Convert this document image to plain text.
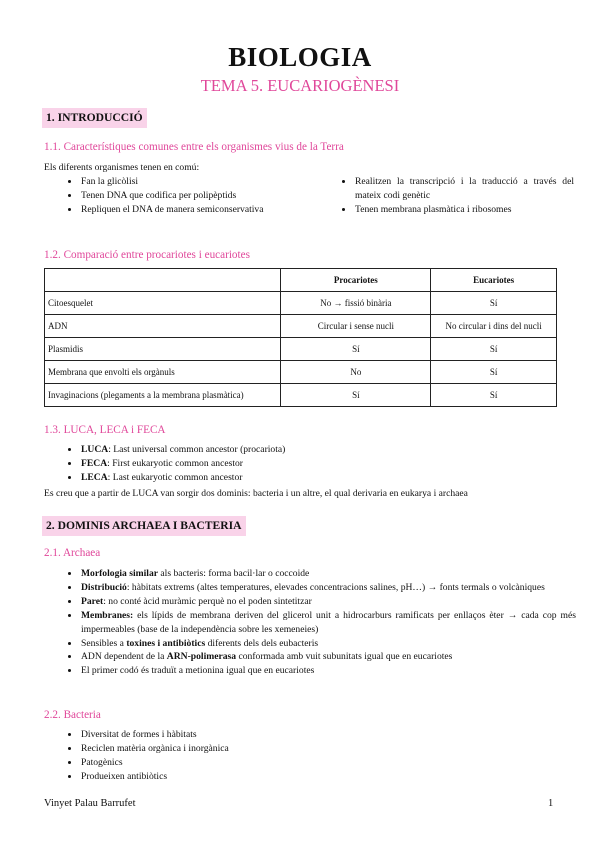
BIOLOGIA
TEMA 5. EUCARIOGÈNESI
1. INTRODUCCIÓ
1.1. Característiques comunes entre els organismes vius de la Terra
Els diferents organismes tenen en comú:
• Fan la glicòlisi
• Tenen DNA que codifica per polipèptids
• Repliquen el DNA de manera semiconservativa
• Realitzen la transcripció i la traducció a través del mateix codi genètic
• Tenen membrana plasmàtica i ribosomes
1.2. Comparació entre procariotes i eucariotes
	Procariotes	Eucariotes
Citoesquelet	No → fissió binària	Sí
ADN	Circular i sense nucli	No circular i dins del nucli
Plasmidis	Sí	Sí
Membrana que envolti els orgànuls	No	Sí
Invaginacions (plegaments a la membrana plasmàtica)	Sí	Sí
1.3. LUCA, LECA i FECA
• LUCA: Last universal common ancestor (procariota)
• FECA: First eukaryotic common ancestor
• LECA: Last eukaryotic common ancestor
Es creu que a partir de LUCA van sorgir dos dominis: bacteria i un altre, el qual derivaria en eukarya i archaea
2. DOMINIS ARCHAEA I BACTERIA
2.1. Archaea
• Morfologia similar als bacteris: forma bacil·lar o coccoide
• Distribució: hàbitats extrems (altes temperatures, elevades concentracions salines, pH…) → fonts termals o volcàniques
• Paret: no conté àcid muràmic perquè no el poden sintetitzar
• Membranes: els lípids de membrana deriven del glicerol unit a hidrocarburs ramificats per enllaços èter → cada cop més impermeables (base de la independència sobre les xemeneies)
• Sensibles a toxines i antibiòtics diferents dels dels eubacteris
• ADN dependent de la ARN-polimerasa conformada amb vuit subunitats igual que en eucariotes
• El primer codó és traduït a metionina igual que en eucariotes
2.2. Bacteria
• Diversitat de formes i hàbitats
• Reciclen matèria orgànica i inorgànica
• Patogènics
• Produeixen antibiòtics
Vinyet Palau Barrufet	1
